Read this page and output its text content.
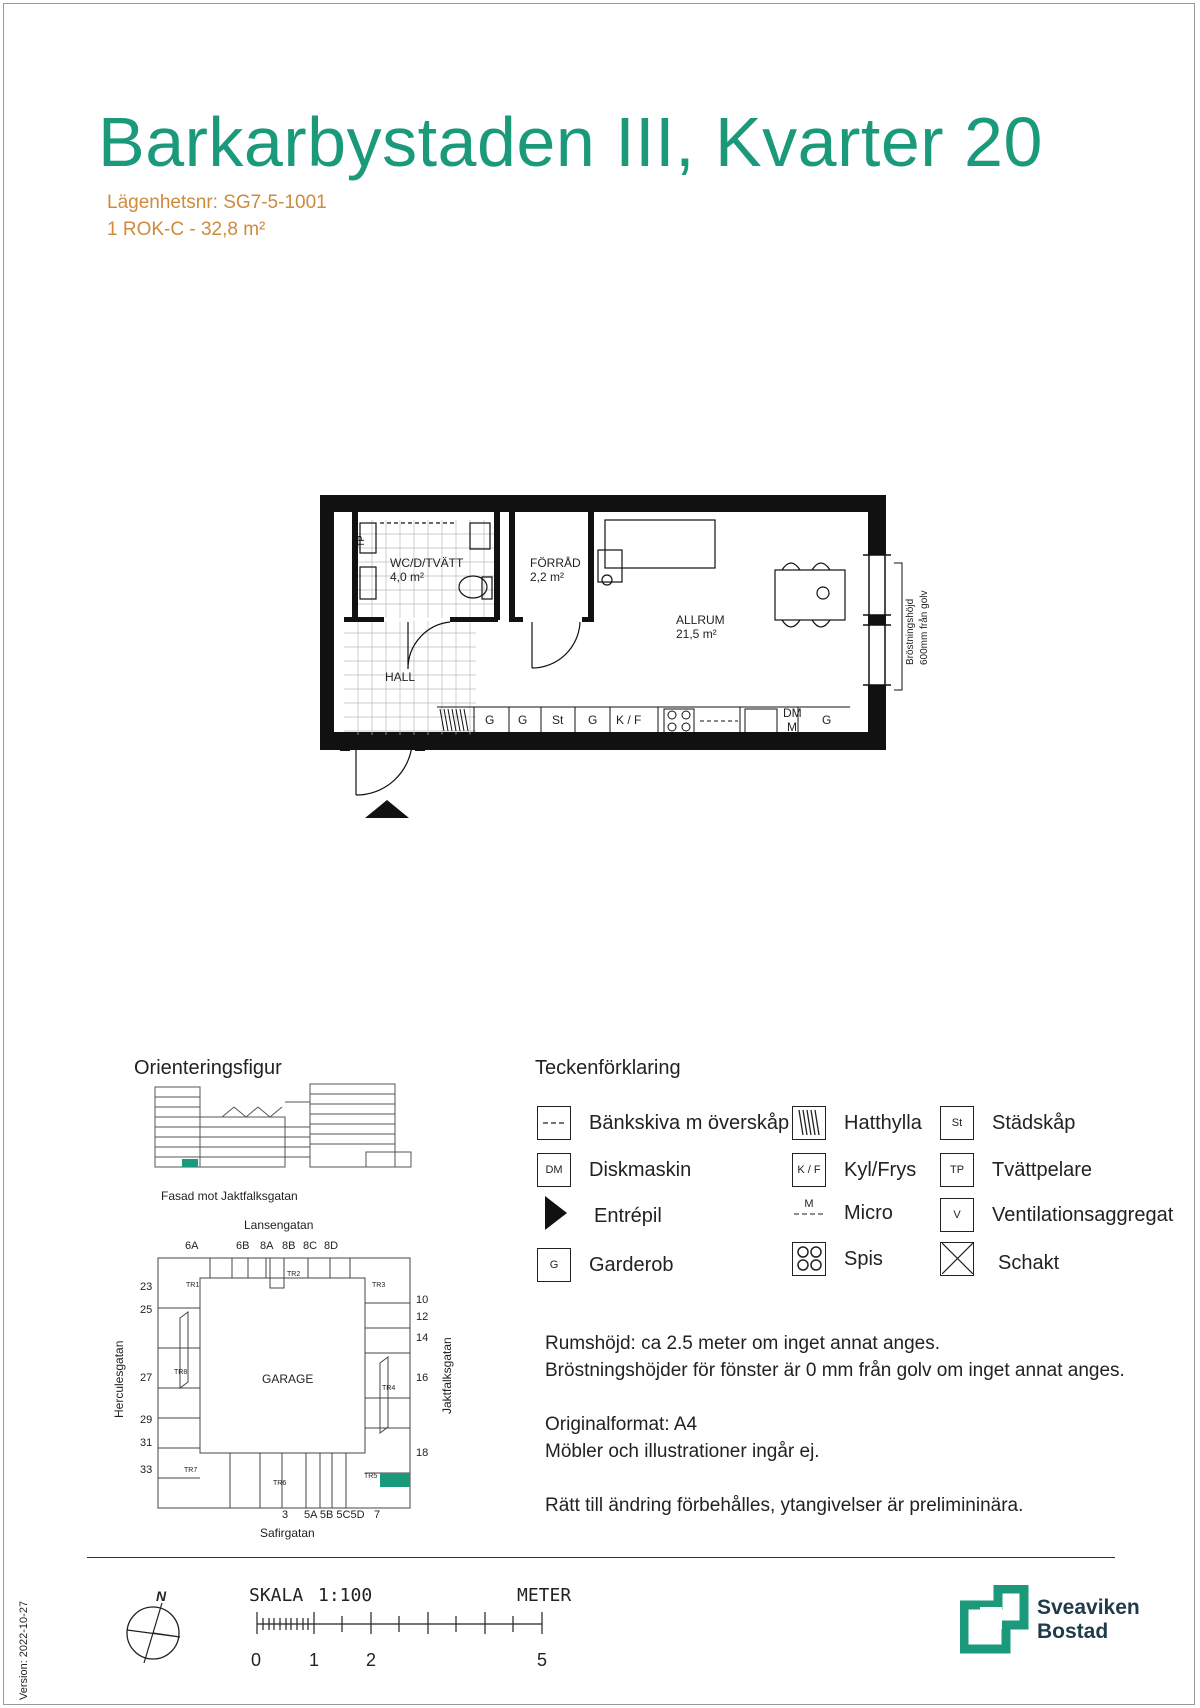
Barkarbystaden III, Kvarter 20
Lägenhetsnr: SG7-5-1001
1 ROK-C - 32,8 m²
TP
WC/D/TVÄTT
4,0 m²
FÖRRÅD
2,2 m²
ALLRUM
21,5 m²
HALL
G G St G K / F	DM
M G
Bröstningshöjd 600mm från golv
Orienteringsfigur
Fasad mot Jaktfalksgatan
Lansengatan
TR1
TR2
TR3
TR4
TR5
TR6
TR7
TR8	GARAGE
6A	6B 8A 8B 8C 8D
23
25
27
29
31
33
10
12
14
16
18
3 5A 5B 5C5D 7
Safirgatan
Herculesgatan	Jaktfalksgatan
Teckenförklaring
Bänkskiva m överskåp
DM	Diskmaskin
Entrépil
G	Garderob
Hatthylla
K / F Kyl/Frys
M	Micro
Spis
St	Städskåp
TP	Tvättpelare
V	Ventilationsaggregat
Schakt
Rumshöjd: ca 2.5 meter om inget annat anges.
Bröstningshöjder för fönster är 0 mm från golv om inget annat anges.
Originalformat: A4
Möbler och illustrationer ingår ej.
Rätt till ändring förbehålles, ytangivelser är prelimininära.
Version: 2022-10-27
N	SKALA 1:100	METER
0	1	2	5
Sveaviken
Bostad
